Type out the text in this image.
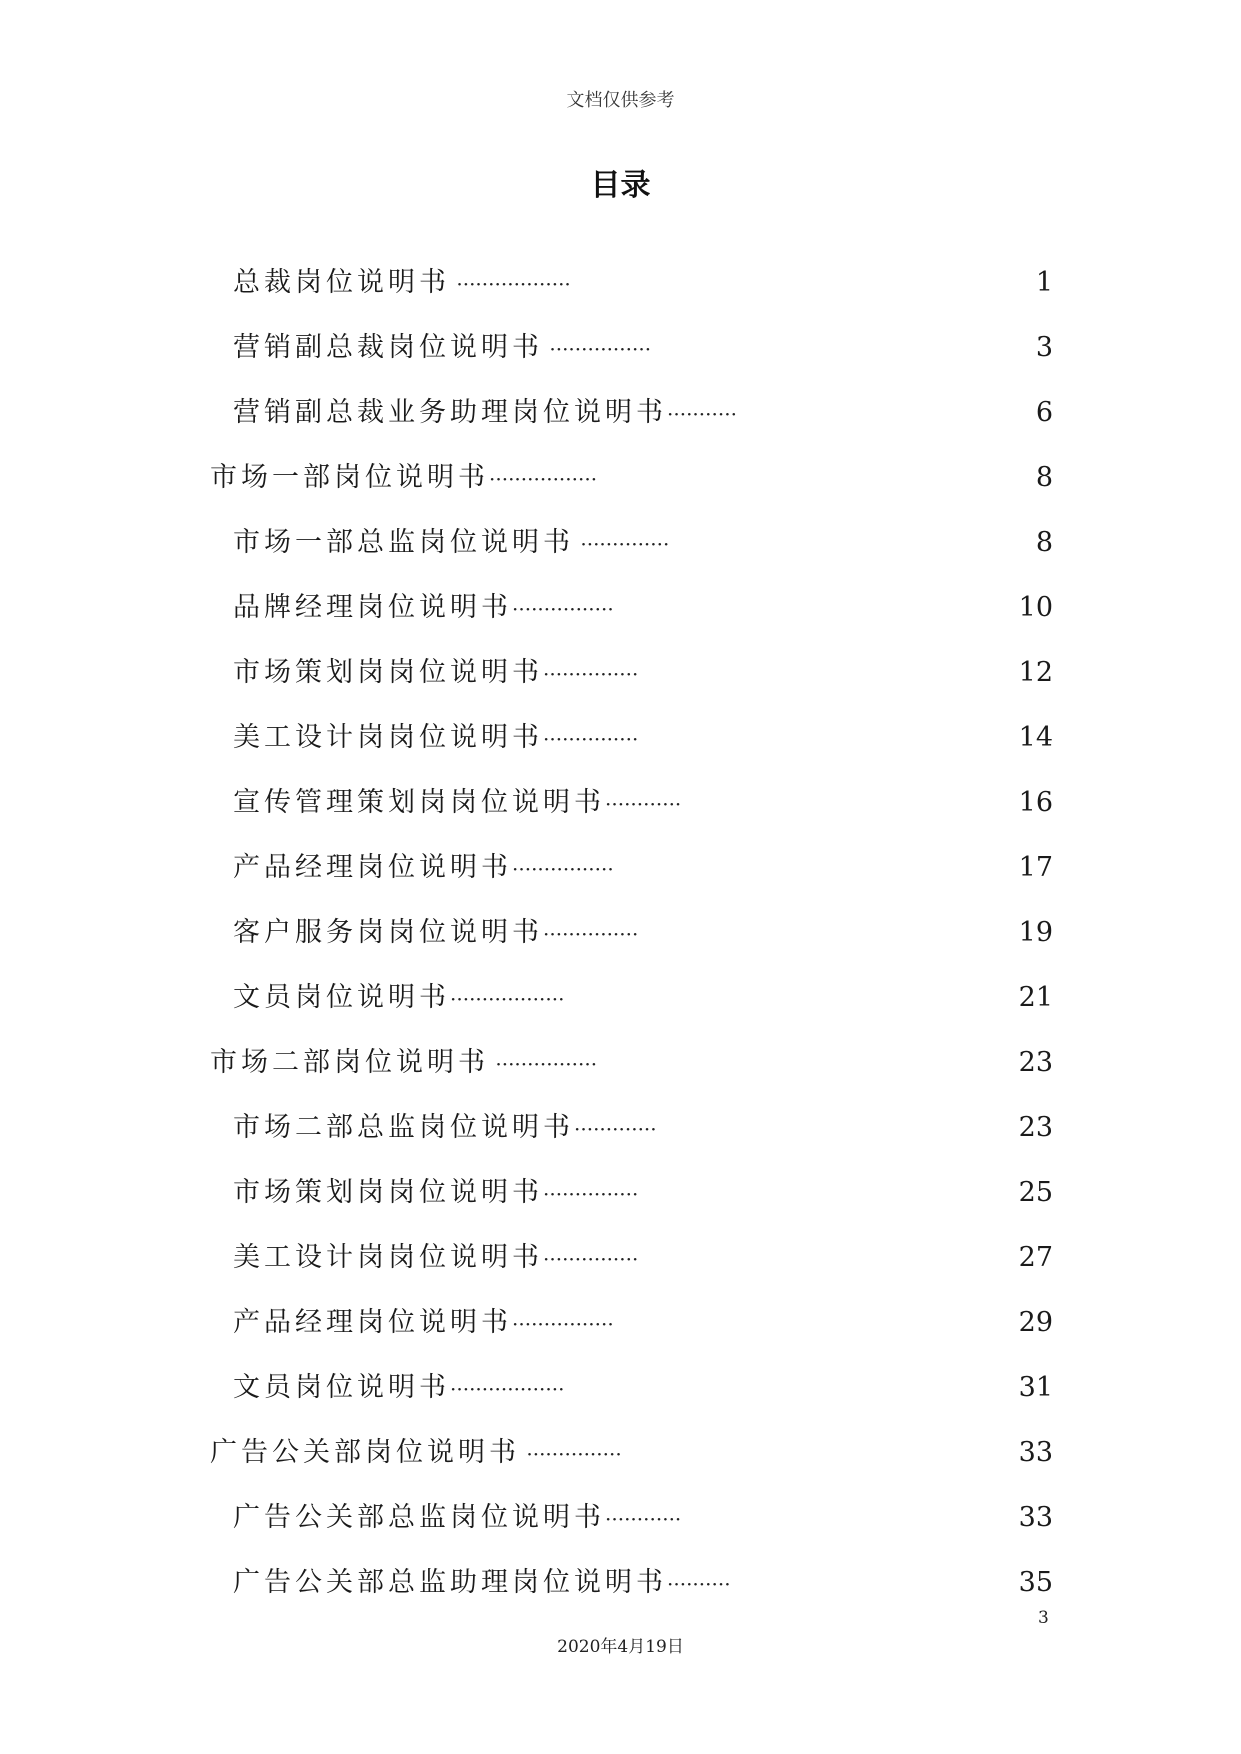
文档仅供参考
目录
总裁岗位说明书 ··················	1
营销副总裁岗位说明书 ················	3
营销副总裁业务助理岗位说明书···········	6
市场一部岗位说明书·················	8
市场一部总监岗位说明书 ··············	8
品牌经理岗位说明书················	10
市场策划岗岗位说明书···············	12
美工设计岗岗位说明书···············	14
宣传管理策划岗岗位说明书············	16
产品经理岗位说明书················	17
客户服务岗岗位说明书···············	19
文员岗位说明书··················	21
市场二部岗位说明书 ················	23
市场二部总监岗位说明书·············	23
市场策划岗岗位说明书···············	25
美工设计岗岗位说明书···············	27
产品经理岗位说明书················	29
文员岗位说明书··················	31
广告公关部岗位说明书 ···············	33
广告公关部总监岗位说明书············	33
广告公关部总监助理岗位说明书··········	35
3
2020年4月19日
